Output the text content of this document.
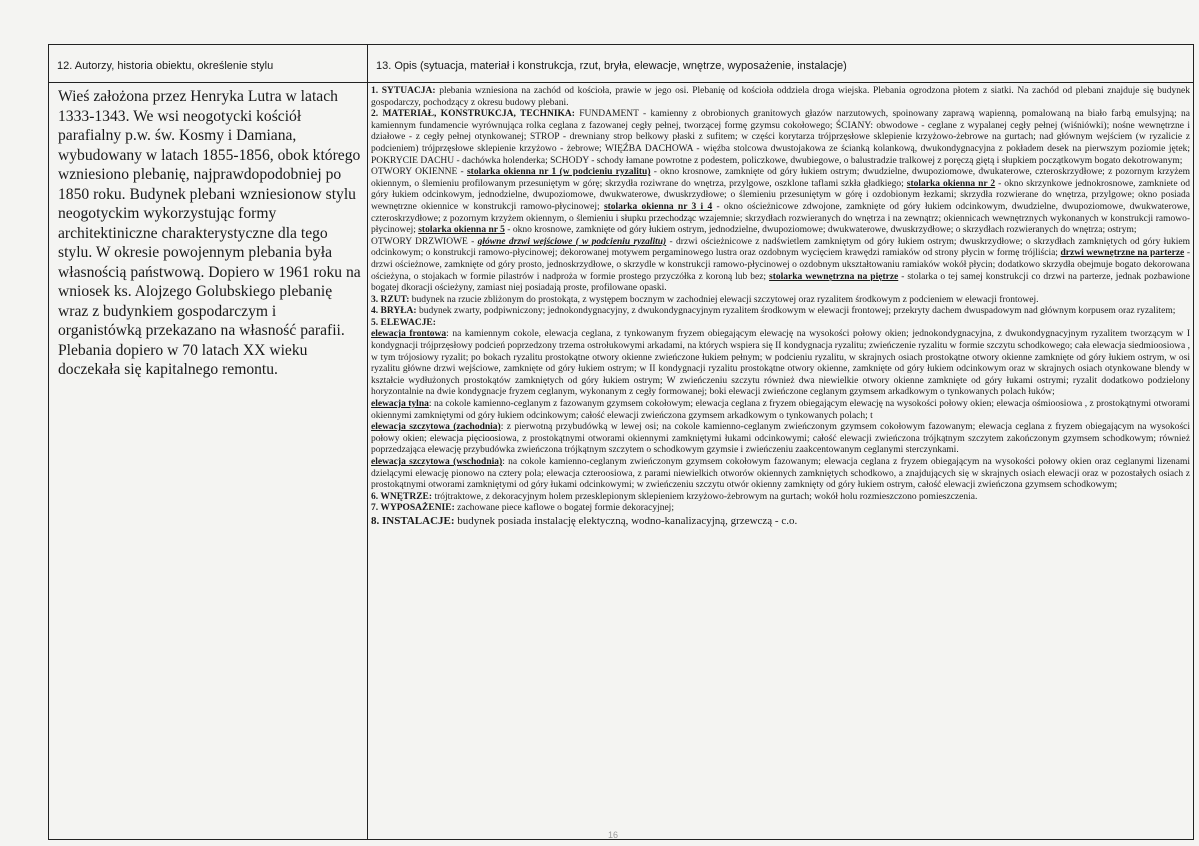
12. Autorzy, historia obiektu, określenie stylu
Wieś założona przez Henryka Lutra w latach 1333-1343. We wsi neogotycki kościół parafialny p.w. św. Kosmy i Damiana, wybudowany w latach 1855-1856, obok którego wzniesiono plebanię, najprawdopodobniej po 1850 roku. Budynek plebani wzniesionow stylu neogotyckim wykorzystując formy architektiniczne charakterystyczne dla tego stylu. W okresie powojennym plebania była własnością państwową. Dopiero w 1961 roku na wniosek ks. Alojzego Golubskiego plebanię wraz z budynkiem gospodarczym i organistówką przekazano na własność parafii. Plebania dopiero w 70 latach XX wieku doczekała się kapitalnego remontu.
13. Opis (sytuacja, materiał i konstrukcja, rzut, bryła, elewacje, wnętrze, wyposażenie, instalacje)

1. SYTUACJA: plebania wzniesiona na zachód od kościoła, prawie w jego osi. Plebanię od kościoła oddziela droga wiejska. Plebania ogrodzona płotem z siatki. Na zachód od plebani znajduje się budynek gospodarczy, pochodzący z okresu budowy plebani.

2. MATERIAŁ, KONSTRUKCJA, TECHNIKA: FUNDAMENT - kamienny z obrobionych granitowych głazów narzutowych, spoinowany zaprawą wapienną, pomalowaną na biało farbą emulsyjną; na kamiennym fundamencie wyrównująca rolka ceglana z fazowanej cegły pełnej, tworzącej formę gzymsu cokołowego; ŚCIANY: obwodowe - ceglane z wypalanej cegły pełnej (wiśniówki); nośne wewnętrzne i działowe - z cegły pełnej otynkowanej; STROP - drewniany strop belkowy płaski z sufitem; w części korytarza trójprzęsłowe sklepienie krzyżowo-żebrowe na gurtach; nad głównym wejściem (w ryzalicie z podcieniem) trójprzęsłowe sklepienie krzyżowo - żebrowe; WIĘŹBA DACHOWA - więźba stolcowa dwustojakowa ze ścianką kolankową, dwukondygnacyjna z pokładem desek na pierwszym poziomie jętek; POKRYCIE DACHU - dachówka holenderka; SCHODY - schody łamane powrotne z podestem, policzkowe, dwubiegowe, o balustradzie tralkowej z poręczą giętą i słupkiem początkowym bogato dekotrowanym;

OTWORY OKIENNE - stolarka okienna nr 1 (w podcieniu ryzalitu) - okno krosnowe, zamknięte od góry łukiem ostrym; dwudzielne, dwupoziomowe, dwukaterowe, czteroskrzydłowe; z pozornym krzyżem okiennym, o ślemieniu profilowanym przesuniętym w górę; skrzydła roziwrane do wnętrza, przylgowe, oszklone taflami szkła gładkiego; stolarka okienna nr 2 - okno skrzynkowe jednokrosnowe, zamkniete od góry łukiem odcinkowym, jednodzielne, dwupoziomowe, dwukwaterowe, dwuskrzydłowe; o ślemieniu przesuniętym w górę i ozdobionym łezkami; skrzydła rozwierane do wnętrza, przylgowe; okno posiada wewnętrzne okiennice w konstrukcji ramowo-płycinowej; stolarka okienna nr 3 i 4 - okno ościeżnicowe zdwojone, zamknięte od góry łukiem odcinkowym, dwudzielne, dwupoziomowe, dwukwaterowe, czteroskrzydłowe; z pozornym krzyżem okiennym, o ślemieniu i słupku przechodząc wzajemnie; skrzydłach rozwieranych do wnętrza i na zewnątrz; okiennicach wewnętrznych wykonanych w konstrukcji ramowo-płycinowej; stolarka okienna nr 5 - okno krosnowe, zamknięte od góry łukiem ostrym, jednodzielne, dwupoziomowe; dwukwaterowe, dwuskrzydłowe; o skrzydłach rozwieranych do wnętrza; ostrym;

OTWORY DRZWIOWE - główne drzwi wejściowe ( w podcieniu ryzalitu) - drzwi ościeżnicowe z nadświetlem zamkniętym od góry łukiem ostrym; dwuskrzydłowe; o skrzydłach zamkniętych od góry łukiem odcinkowym; o konstrukcji ramowo-płycinowej; dekorowanej motywem pergaminowego lustra oraz ozdobnym wycięciem krawędzi ramiaków od strony płycin w formę trójliścia; drzwi wewnętrzne na parterze - drzwi ościeżnowe, zamknięte od góry prosto, jednoskrzydłowe, o skrzydle w konstrukcji ramowo-płycinowej o ozdobnym ukształtowaniu ramiaków wokół płycin; dodatkowo skrzydła obejmuje bogato dekorowana ościeżyna, o stojakach w formie pilastrów i nadproża w formie prostego przyczółka z koroną lub bez; stolarka wewnętrzna na piętrze - stolarka o tej samej konstrukcji co drzwi na parterze, jednak pozbawione bogatej dkoracji ościeżyny, zamiast niej posiadają proste, profilowane opaski.

3. RZUT: budynek na rzucie zbliżonym do prostokąta, z występem bocznym w zachodniej elewacji szczytowej oraz ryzalitem środkowym z podcieniem w elewacji frontowej.

4. BRYŁA: budynek zwarty, podpiwniczony; jednokondygnacyjny, z dwukondygnacyjnym ryzalitem środkowym w elewacji frontowej; przekryty dachem dwuspadowym nad głównym korpusem oraz ryzalitem;

5. ELEWACJE:

elewacja frontowa: na kamiennym cokole, elewacja ceglana, z tynkowanym fryzem obiegającym elewację na wysokości połowy okien; jednokondygnacyjna, z dwukondygnacyjnym ryzalitem tworzącym w I kondygnacji trójprzęsłowy podcień poprzedzony trzema ostrołukowymi arkadami, na których wspiera się II kondygnacja ryzalitu; zwieńczenie ryzalitu w formie szczytu schodkowego; cała elewacja siedmioosiowa , w tym trójosiowy ryzalit; po bokach ryzalitu prostokątne otwory okienne zwieńczone łukiem pełnym; w podcieniu ryzalitu, w skrajnych osiach prostokątne otwory okienne zamknięte od góry łukiem ostrym, w osi ryzalitu główne drzwi wejściowe, zamknięte od góry łukiem ostrym; w II kondygnacji ryzalitu prostokątne otwory okienne, zamknięte od góry łukiem odcinkowym oraz w skrajnych osiach otynkowane blendy w kształcie wydłużonych prostokątów zamkniętych od góry łukiem ostrym; W zwieńczeniu szczytu również dwa niewielkie otwory okienne zamknięte od góry łukami ostrymi; ryzalit dodatkowo podzielony horyzontalnie na dwie kondygnacje fryzem ceglanym, wykonanym z cegły formowanej; boki elewacji zwieńczone ceglanym gzymsem arkadkowym o tynkowanych polach łuków;

elewacja tylna: na cokole kamienno-ceglanym z fazowanym gzymsem cokołowym; elewacja ceglana z fryzem obiegającym elewację na wysokości połowy okien; elewacja ośmioosiowa , z prostokątnymi otworami okiennymi zamkniętymi od góry łukiem odcinkowym; całość elewacji zwieńczona gzymsem arkadkowym o tynkowanych polach; t

elewacja szczytowa (zachodnia): z pierwotną przybudówką w lewej osi; na cokole kamienno-ceglanym zwieńczonym gzymsem cokołowym fazowanym; elewacja ceglana z fryzem obiegającym na wysokości połowy okien; elewacja pięcioosiowa, z prostokątnymi otworami okiennymi zamkniętymi łukami odcinkowymi; całość elewacji zwieńczona trójkątnym szczytem zakończonym gzymsem schodkowym; również poprzedzająca elewację przybudówka zwieńczona trójkątnym szczytem o schodkowym gzymsie i zwieńczeniu zaakcentowanym ceglanymi sterczynkami.

elewacja szczytowa (wschodnia): na cokole kamienno-ceglanym zwieńczonym gzymsem cokołowym fazowanym; elewacja ceglana z fryzem obiegającym na wysokości połowy okien oraz ceglanymi lizenami dzielącymi elewację pionowo na cztery pola; elewacja czteroosiowa, z parami niewielkich otworów okiennych zamkniętych schodkowo, a znajdujących się w skrajnych osiach elewacji oraz w pozostałych osiach z prostokątnymi otworami zamkniętymi od góry łukami odcinkowymi; w zwieńczeniu szczytu otwór okienny zamknięty od góry łukiem ostrym, całość elewacji zwieńczona gzymsem schodkowym;

6. WNĘTRZE: trójtraktowe, z dekoracyjnym holem przesklepionym sklepieniem krzyżowo-żebrowym na gurtach; wokół holu rozmieszczono pomieszczenia.

7. WYPOSAŻENIE: zachowane piece kaflowe o bogatej formie dekoracyjnej;

8. INSTALACJE: budynek posiada instalację elektyczną, wodno-kanalizacyjną, grzewczą - c.o.

16
